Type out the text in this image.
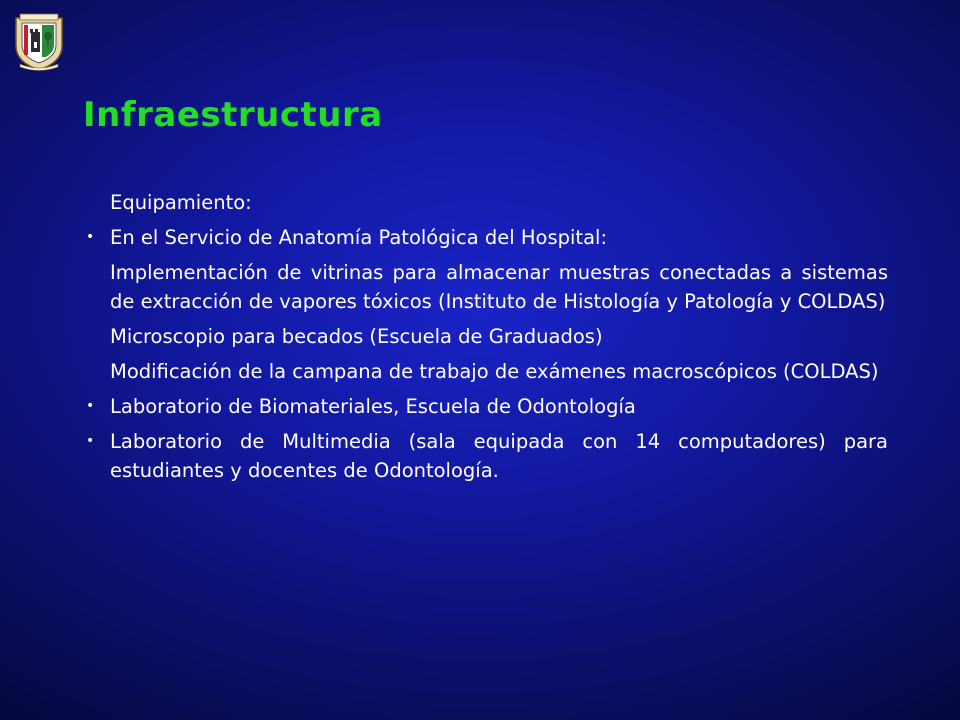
Infraestructura

Equipamiento:

• En el Servicio de Anatomía Patológica del Hospital:

Implementación de vitrinas para almacenar muestras conectadas a sistemas de extracción de vapores tóxicos (Instituto de Histología y Patología y COLDAS)

Microscopio para becados (Escuela de Graduados)

Modificación de la campana de trabajo de exámenes macroscópicos (COLDAS)

• Laboratorio de Biomateriales, Escuela de Odontología

• Laboratorio de Multimedia (sala equipada con 14 computadores) para estudiantes y docentes de Odontología.
